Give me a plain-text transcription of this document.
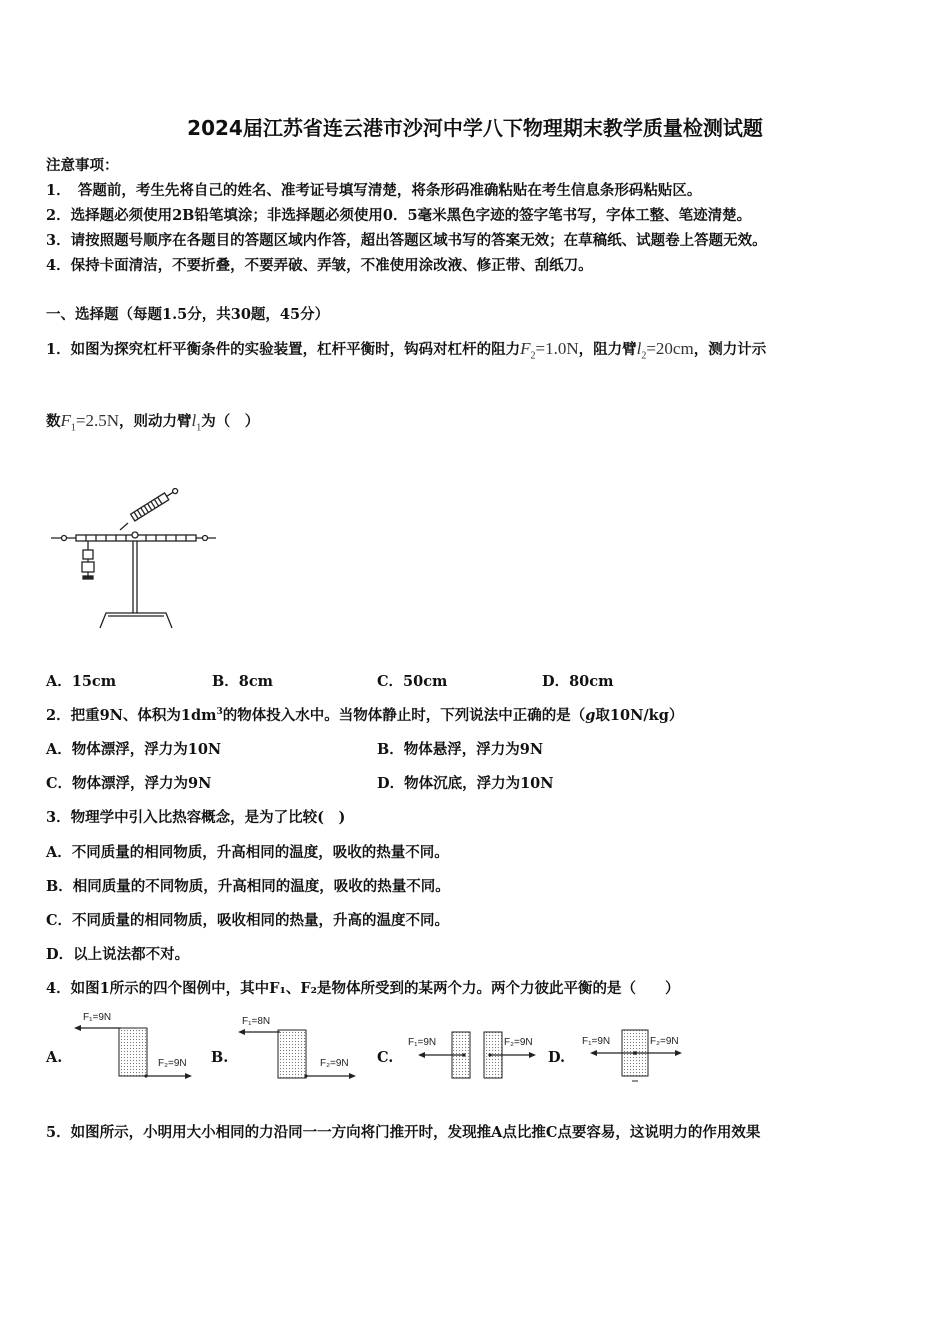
2024届江苏省连云港市沙河中学八下物理期末教学质量检测试题
注意事项：
1．　答题前，考生先将自己的姓名、准考证号填写清楚，将条形码准确粘贴在考生信息条形码粘贴区。
2．选择题必须使用2B铅笔填涂；非选择题必须使用0．5毫米黑色字迹的签字笔书写，字体工整、笔迹清楚。
3．请按照题号顺序在各题目的答题区域内作答，超出答题区域书写的答案无效；在草稿纸、试题卷上答题无效。
4．保持卡面清洁，不要折叠，不要弄破、弄皱，不准使用涂改液、修正带、刮纸刀。
一、选择题（每题1.5分，共30题，45分）
1．如图为探究杠杆平衡条件的实验装置，杠杆平衡时，钩码对杠杆的阻力$F_2=1.0N$，阻力臂$l_2=20cm$，测力计示
数$F_1=2.5N$，则动力臂$l_1$为（　）
A．15cm	B．8cm	C．50cm	D．80cm
2．把重9N、体积为$1dm^3$的物体投入水中。当物体静止时，下列说法中正确的是（g取10N/kg）
A．物体漂浮，浮力为10N	B．物体悬浮，浮力为9N
C．物体漂浮，浮力为9N	D．物体沉底，浮力为10N
3．物理学中引入比热容概念，是为了比较(　)
A．不同质量的相同物质，升高相同的温度，吸收的热量不同。
B．相同质量的不同物质，升高相同的温度，吸收的热量不同。
C．不同质量的相同物质，吸收相同的热量，升高的温度不同。
D．以上说法都不对。
4．如图1所示的四个图例中，其中F₁、F₂是物体所受到的某两个力。两个力彼此平衡的是（　　）
A.
F₁=9N
F₂=9N B.
F₁=8N
F₂=9N C.
F₁=9N	F₂=9N
D.
F₁=9N	F₂=9N
5．如图所示，小明用大小相同的力沿同一一方向将门推开时，发现推A点比推C点要容易，这说明力的作用效果
